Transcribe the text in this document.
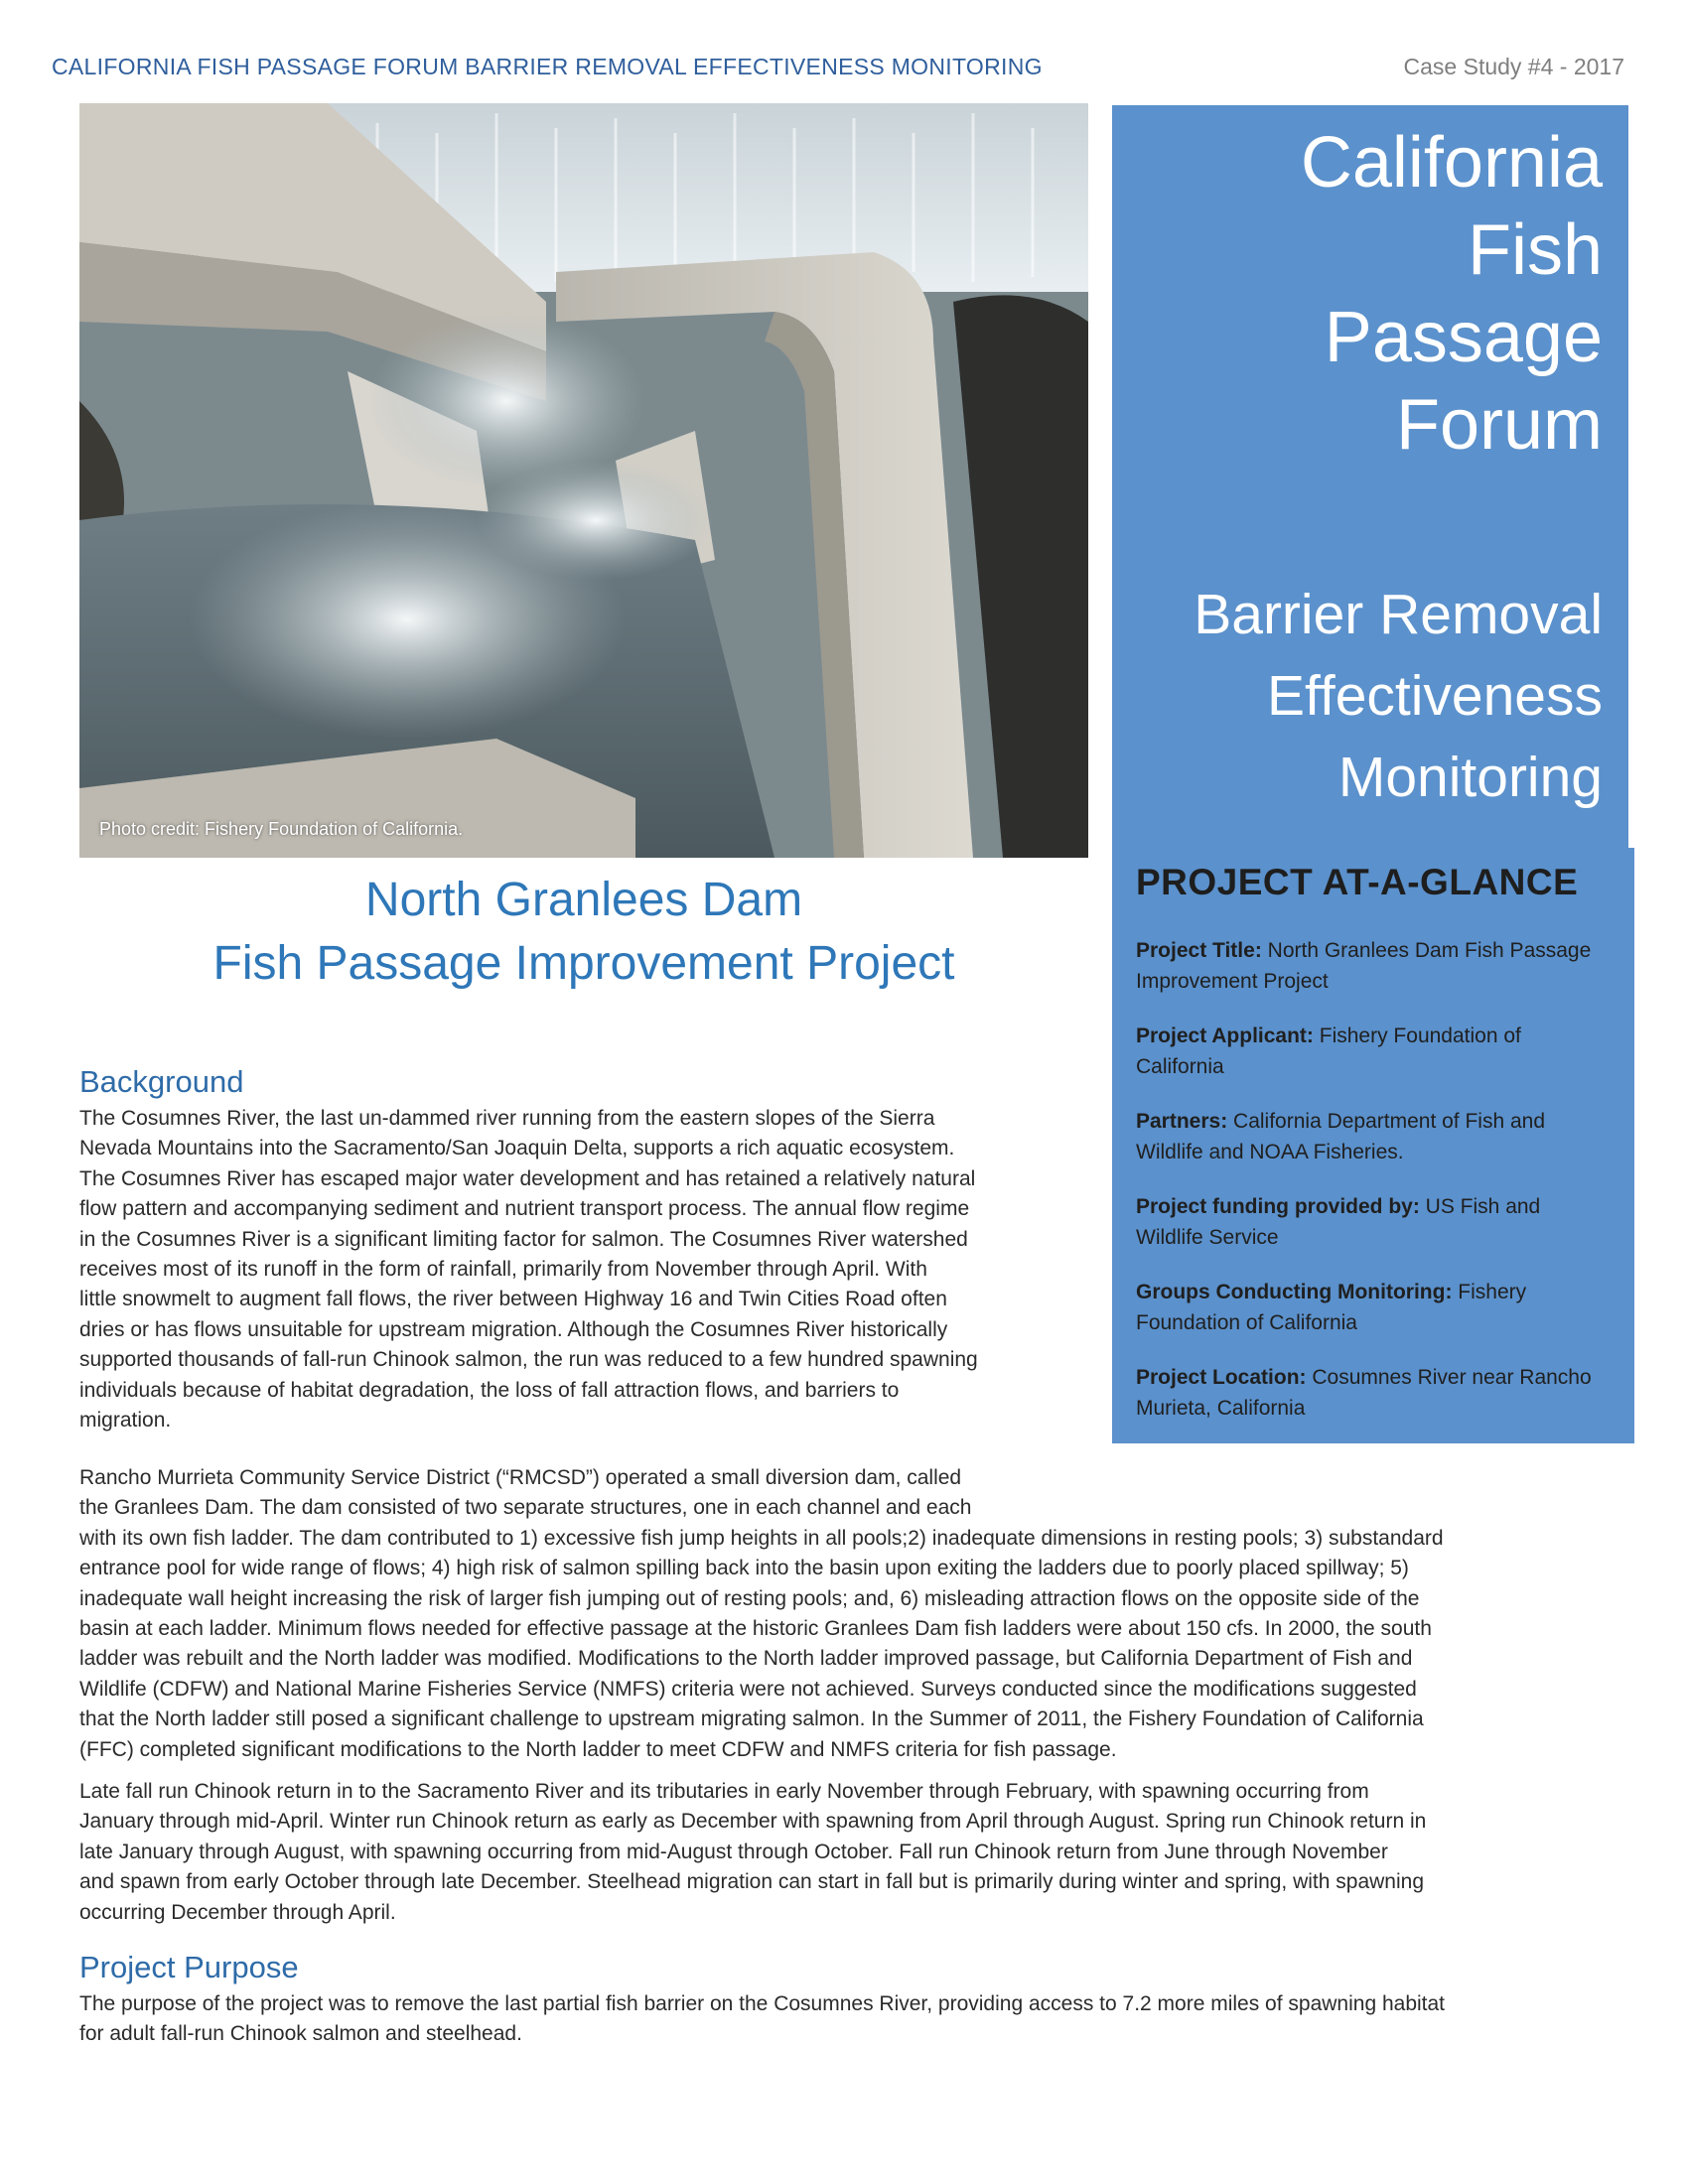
CALIFORNIA FISH PASSAGE FORUM BARRIER REMOVAL EFFECTIVENESS MONITORING	Case Study #4 - 2017
Photo credit: Fishery Foundation of California.

California

Fish

Passage

Forum

Barrier Removal

Effectiveness

Monitoring

PROJECT AT-A-GLANCE
Project Title: North Granlees Dam Fish Passage Improvement Project
Project Applicant: Fishery Foundation of California
Partners: California Department of Fish and Wildlife and NOAA Fisheries.
Project funding provided by: US Fish and Wildlife Service
Groups Conducting Monitoring: Fishery Foundation of California
Project Location: Cosumnes River near Rancho Murieta, California
North Granlees Dam
Fish Passage Improvement Project
Background
The Cosumnes River, the last un-dammed river running from the eastern slopes of the Sierra
Nevada Mountains into the Sacramento/San Joaquin Delta, supports a rich aquatic ecosystem.
The Cosumnes River has escaped major water development and has retained a relatively natural
flow pattern and accompanying sediment and nutrient transport process. The annual flow regime
in the Cosumnes River is a significant limiting factor for salmon. The Cosumnes River watershed
receives most of its runoff in the form of rainfall, primarily from November through April. With
little snowmelt to augment fall flows, the river between Highway 16 and Twin Cities Road often
dries or has flows unsuitable for upstream migration. Although the Cosumnes River historically
supported thousands of fall-run Chinook salmon, the run was reduced to a few hundred spawning
individuals because of habitat degradation, the loss of fall attraction flows, and barriers to
migration.
Rancho Murrieta Community Service District (“RMCSD”) operated a small diversion dam, called
the Granlees Dam. The dam consisted of two separate structures, one in each channel and each
with its own fish ladder. The dam contributed to 1) excessive fish jump heights in all pools;2) inadequate dimensions in resting pools; 3) substandard
entrance pool for wide range of flows; 4) high risk of salmon spilling back into the basin upon exiting the ladders due to poorly placed spillway; 5)
inadequate wall height increasing the risk of larger fish jumping out of resting pools; and, 6) misleading attraction flows on the opposite side of the
basin at each ladder. Minimum flows needed for effective passage at the historic Granlees Dam fish ladders were about 150 cfs. In 2000, the south
ladder was rebuilt and the North ladder was modified. Modifications to the North ladder improved passage, but California Department of Fish and
Wildlife (CDFW) and National Marine Fisheries Service (NMFS) criteria were not achieved. Surveys conducted since the modifications suggested
that the North ladder still posed a significant challenge to upstream migrating salmon. In the Summer of 2011, the Fishery Foundation of California
(FFC) completed significant modifications to the North ladder to meet CDFW and NMFS criteria for fish passage.
Late fall run Chinook return in to the Sacramento River and its tributaries in early November through February, with spawning occurring from
January through mid-April. Winter run Chinook return as early as December with spawning from April through August. Spring run Chinook return in
late January through August, with spawning occurring from mid-August through October. Fall run Chinook return from June through November
and spawn from early October through late December. Steelhead migration can start in fall but is primarily during winter and spring, with spawning
occurring December through April.
Project Purpose
The purpose of the project was to remove the last partial fish barrier on the Cosumnes River, providing access to 7.2 more miles of spawning habitat
for adult fall-run Chinook salmon and steelhead.
